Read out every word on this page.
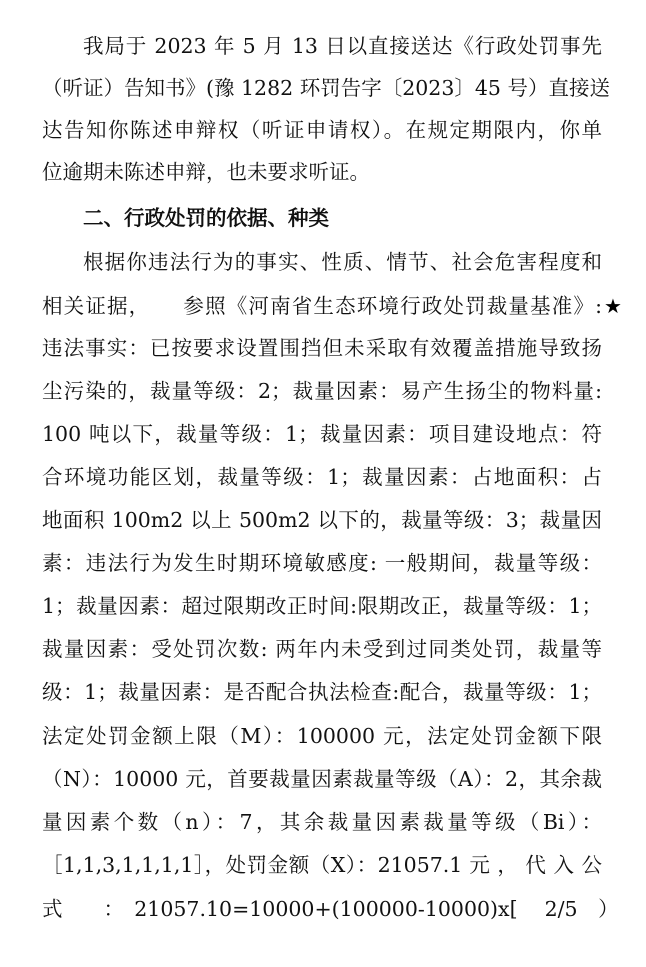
我局于 2023 年 5 月 13 日以直接送达《行政处罚事先
（听证）告知书》(豫 1282 环罚告字〔2023〕45 号）直接送
达告知你陈述申辩权（听证申请权）。在规定期限内，你单
位逾期未陈述申辩，也未要求听证。
二、行政处罚的依据、种类
根据你违法行为的事实、性质、情节、社会危害程度和
相关证据，　　参照《河南省生态环境行政处罚裁量基准》:
违法事实：已按要求设置围挡但未采取有效覆盖措施导致扬
尘污染的，裁量等级：2；裁量因素：易产生扬尘的物料量:
100 吨以下，裁量等级：1；裁量因素：项目建设地点：符
合环境功能区划，裁量等级：1；裁量因素：占地面积：占
地面积 100m2 以上 500m2 以下的，裁量等级：3；裁量因
素：违法行为发生时期环境敏感度: 一般期间，裁量等级：
1；裁量因素：超过限期改正时间:限期改正，裁量等级：1；
裁量因素：受处罚次数: 两年内未受到过同类处罚，裁量等
级：1；裁量因素：是否配合执法检查:配合，裁量等级：1；
法定处罚金额上限（M）：100000 元，法定处罚金额下限
（N）：10000 元，首要裁量因素裁量等级（A）：2，其余裁
量因素个数（n）：7，其余裁量因素裁量等级（Bi）：
［1,1,3,1,1,1,1］，处罚金额（X）：21057.1 元 ， 代 入 公
式　　：　21057.10=10000+(100000-10000)x[　 2/5　）
★
